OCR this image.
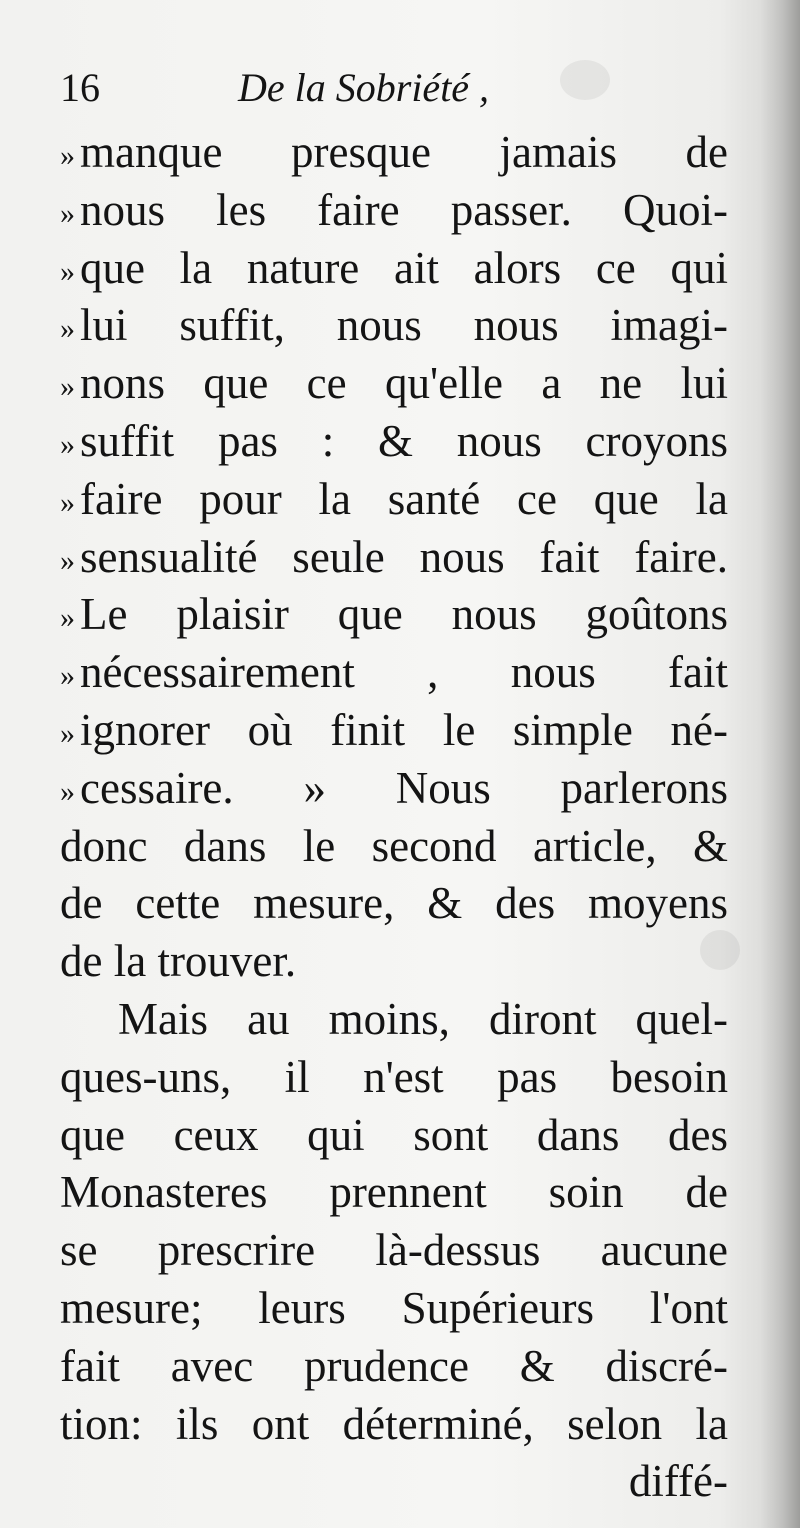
16	De la Sobriété ,
» manque presque jamais de
» nous les faire passer. Quoi-
» que la nature ait alors ce qui
» lui suffit, nous nous imagi-
» nons que ce qu'elle a ne lui
» suffit pas : & nous croyons
» faire pour la santé ce que la
» sensualité seule nous fait faire.
» Le plaisir que nous goûtons
» nécessairement , nous fait
» ignorer où finit le simple né-
» cessaire. » Nous parlerons
donc dans le second article, &
de cette mesure, & des moyens
de la trouver.
Mais au moins, diront quel-
ques-uns, il n'est pas besoin
que ceux qui sont dans des
Monasteres prennent soin de
se prescrire là-dessus aucune
mesure; leurs Supérieurs l'ont
fait avec prudence & discré-
tion: ils ont déterminé, selon la
diffé-
